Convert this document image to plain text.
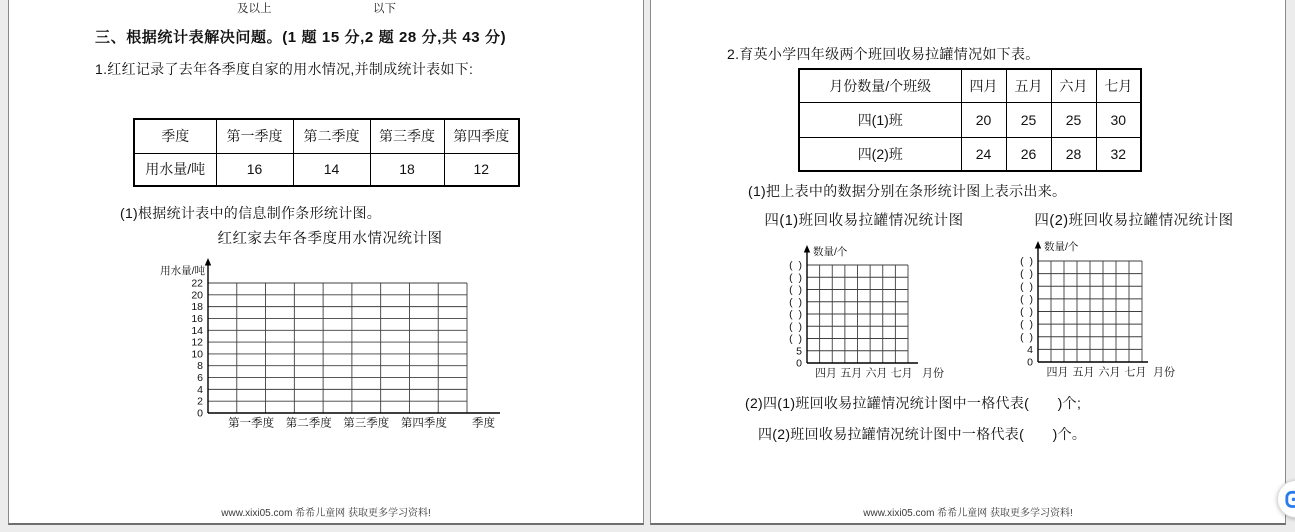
及以上	以下
三、根据统计表解决问题。(1 题 15 分,2 题 28 分,共 43 分)
1.红红记录了去年各季度自家的用水情况,并制成统计表如下:
季度	第一季度	第二季度	第三季度	第四季度
用水量/吨	16	14	18	12
(1)根据统计表中的信息制作条形统计图。
红红家去年各季度用水情况统计图
0
2
4
6
8
10
12
14
16
18
20
22
第一季度 第二季度 第三季度 第四季度 季度
用水量/吨
www.xixi05.com 希希儿童网 获取更多学习资料!
2.育英小学四年级两个班回收易拉罐情况如下表。
月份数量/个班级	四月	五月	六月	七月
四(1)班	20	25	25	30
四(2)班	24	26	28	32
(1)把上表中的数据分别在条形统计图上表示出来。
四(1)班回收易拉罐情况统计图	四(2)班回收易拉罐情况统计图
0
5
(  )
(  )
(  )
(  )
(  )
(  )
(  )
四月 五月 六月 七月 月份
数量/个
0
4
(  )
(  )
(  )
(  )
(  )
(  )
(  )
四月 五月 六月 七月 月份
数量/个
(2)四(1)班回收易拉罐情况统计图中一格代表(　　)个;
四(2)班回收易拉罐情况统计图中一格代表(　　)个。
www.xixi05.com 希希儿童网 获取更多学习资料!
